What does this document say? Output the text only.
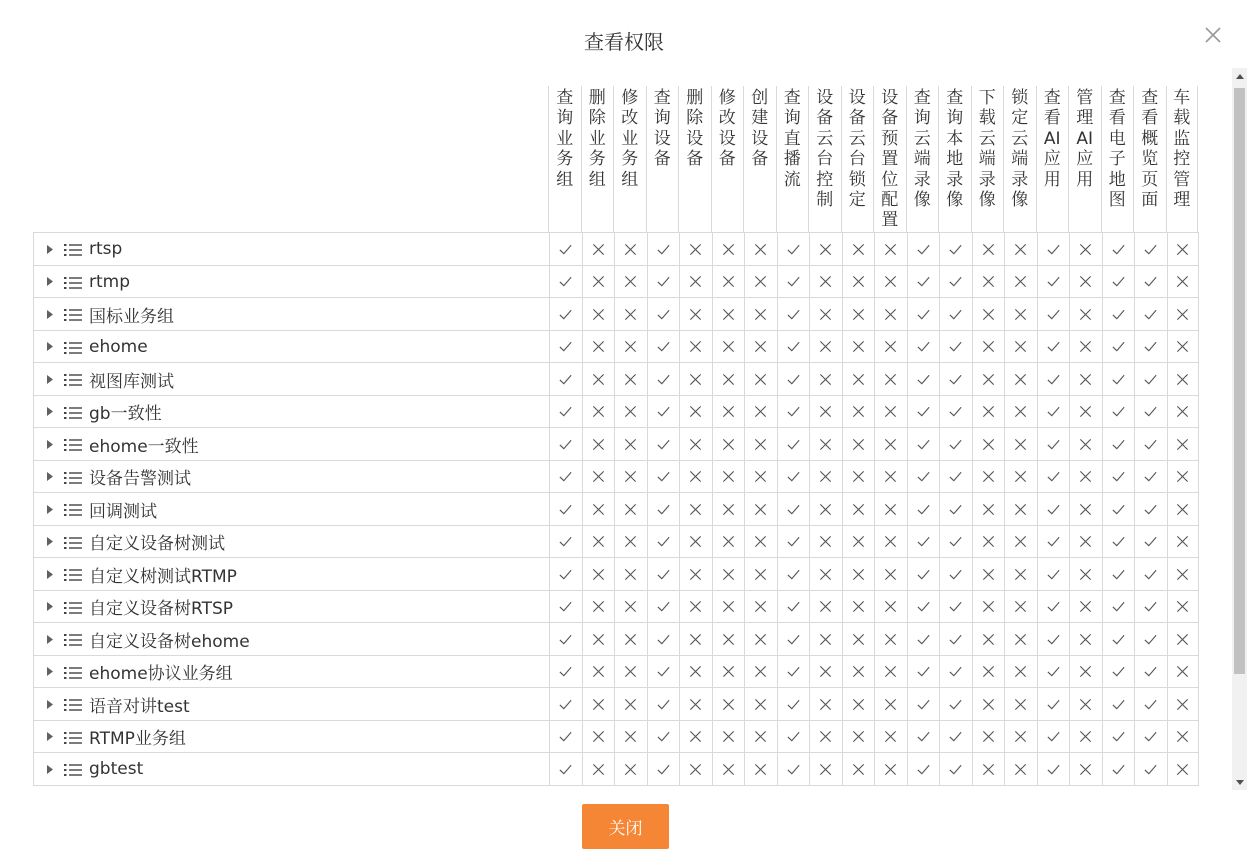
查看权限
查询业务组
删除业务组
修改业务组
查询设备
删除设备
修改设备
创建设备
查询直播流
设备云台控制
设备云台锁定
设备预置位配置
查询云端录像
查询本地录像
下载云端录像
锁定云端录像
查看AI应用
管理AI应用
查看电子地图
查看概览页面
车载监控管理
rtsp
rtmp
国标业务组
ehome
视图库测试
gb一致性
ehome一致性
设备告警测试
回调测试
自定义设备树测试
自定义树测试RTMP
自定义设备树RTSP
自定义设备树ehome
ehome协议业务组
语音对讲test
RTMP业务组
gbtest
关闭
